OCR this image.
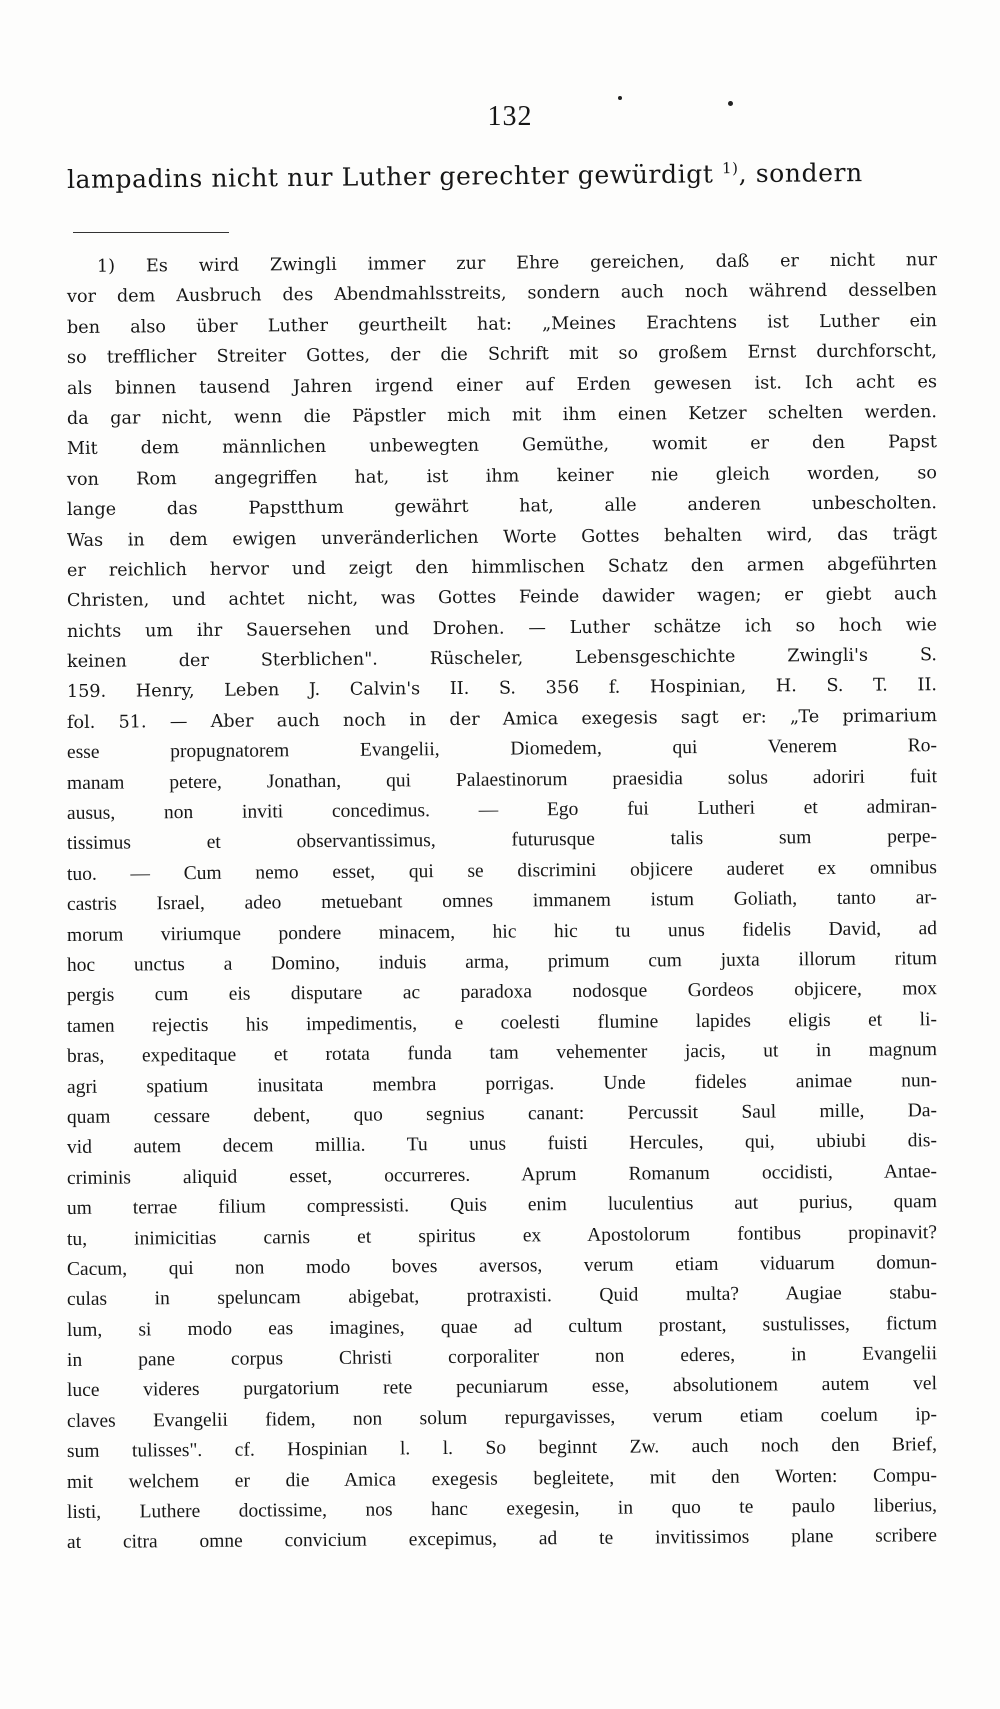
132
lampadins nicht nur Luther gerechter gewürdigt $^{1)}$, sondern
1) Es wird Zwingli immer zur Ehre gereichen, daß er nicht nur
vor dem Ausbruch des Abendmahlsstreits, sondern auch noch während desselben
ben also über Luther geurtheilt hat: „Meines Erachtens ist Luther ein
so trefflicher Streiter Gottes, der die Schrift mit so großem Ernst durchforscht,
als binnen tausend Jahren irgend einer auf Erden gewesen ist. Ich acht es
da gar nicht, wenn die Päpstler mich mit ihm einen Ketzer schelten werden.
Mit dem männlichen unbewegten Gemüthe, womit er den Papst
von Rom angegriffen hat, ist ihm keiner nie gleich worden, so
lange das Papstthum gewährt hat, alle anderen unbescholten.
Was in dem ewigen unveränderlichen Worte Gottes behalten wird, das trägt
er reichlich hervor und zeigt den himmlischen Schatz den armen abgeführten
Christen, und achtet nicht, was Gottes Feinde dawider wagen; er giebt auch
nichts um ihr Sauersehen und Drohen. — Luther schätze ich so hoch wie
keinen der Sterblichen". Rüscheler, Lebensgeschichte Zwingli's S.
159. Henry, Leben J. Calvin's II. S. 356 f. Hospinian, H. S. T. II.
fol. 51. — Aber auch noch in der Amica exegesis sagt er: „Te primarium
esse propugnatorem Evangelii, Diomedem, qui Venerem Ro-
manam petere, Jonathan, qui Palaestinorum praesidia solus adoriri fuit
ausus, non inviti concedimus. — Ego fui Lutheri et admiran-
tissimus et observantissimus, futurusque talis sum perpe-
tuo. — Cum nemo esset, qui se discrimini objicere auderet ex omnibus
castris Israel, adeo metuebant omnes immanem istum Goliath, tanto ar-
morum viriumque pondere minacem, hic hic tu unus fidelis David, ad
hoc unctus a Domino, induis arma, primum cum juxta illorum ritum
pergis cum eis disputare ac paradoxa nodosque Gordeos objicere, mox
tamen rejectis his impedimentis, e coelesti flumine lapides eligis et li-
bras, expeditaque et rotata funda tam vehementer jacis, ut in magnum
agri spatium inusitata membra porrigas. Unde fideles animae nun-
quam cessare debent, quo segnius canant: Percussit Saul mille, Da-
vid autem decem millia. Tu unus fuisti Hercules, qui, ubiubi dis-
criminis aliquid esset, occurreres. Aprum Romanum occidisti, Antae-
um terrae filium compressisti. Quis enim luculentius aut purius, quam
tu, inimicitias carnis et spiritus ex Apostolorum fontibus propinavit?
Cacum, qui non modo boves aversos, verum etiam viduarum domun-
culas in speluncam abigebat, protraxisti. Quid multa? Augiae stabu-
lum, si modo eas imagines, quae ad cultum prostant, sustulisses, fictum
in pane corpus Christi corporaliter non ederes, in Evangelii
luce videres purgatorium rete pecuniarum esse, absolutionem autem vel
claves Evangelii fidem, non solum repurgavisses, verum etiam coelum ip-
sum tulisses". cf. Hospinian l. l. So beginnt Zw. auch noch den Brief,
mit welchem er die Amica exegesis begleitete, mit den Worten: Compu-
listi, Luthere doctissime, nos hanc exegesin, in quo te paulo liberius,
at citra omne convicium excepimus, ad te invitissimos plane scribere
